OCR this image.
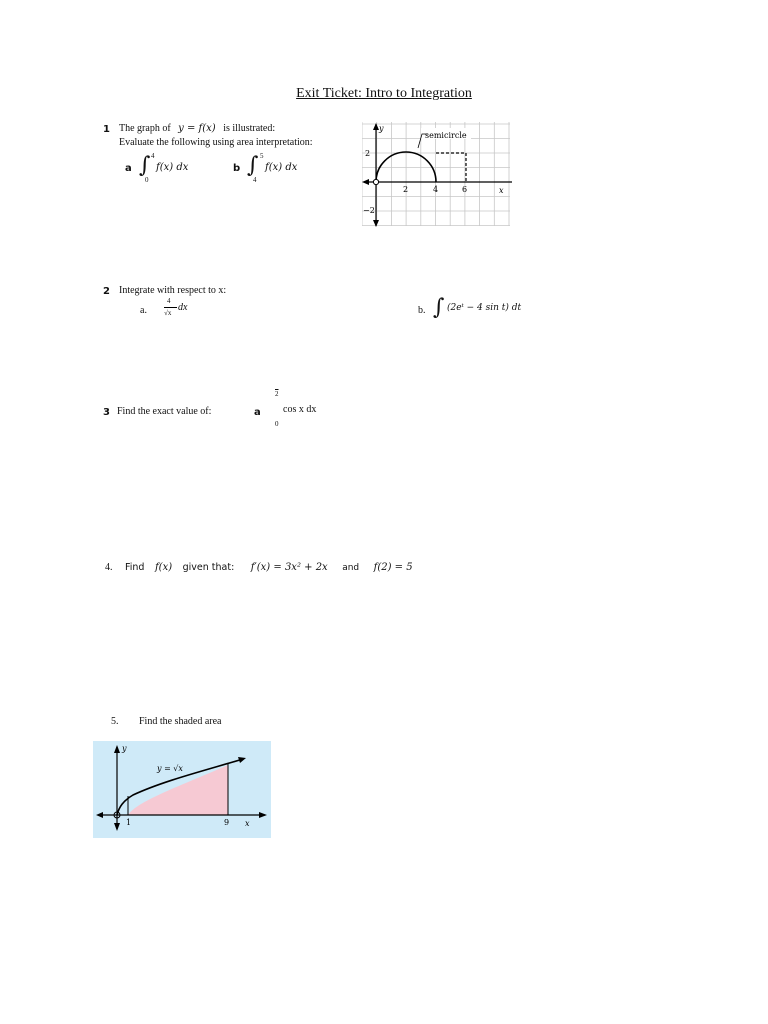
Exit Ticket: Intro to Integration
1 The graph of y = f(x) is illustrated:
Evaluate the following using area interpretation:
a ∫ 4
0
f(x) dx	b ∫ 5
4
f(x) dx
semicircle
y
x
2
−2
2	4	6
2 Integrate with respect to x:
a.
4
√x dx	b. ∫ (2eᵗ − 4 sin t) dt
3 Find the exact value of:	a
2
0
cos x dx
4. Find f(x) given that: f′(x) = 3x² + 2x and f(2) = 5
5. Find the shaded area
y
x
y = √x
1	9
